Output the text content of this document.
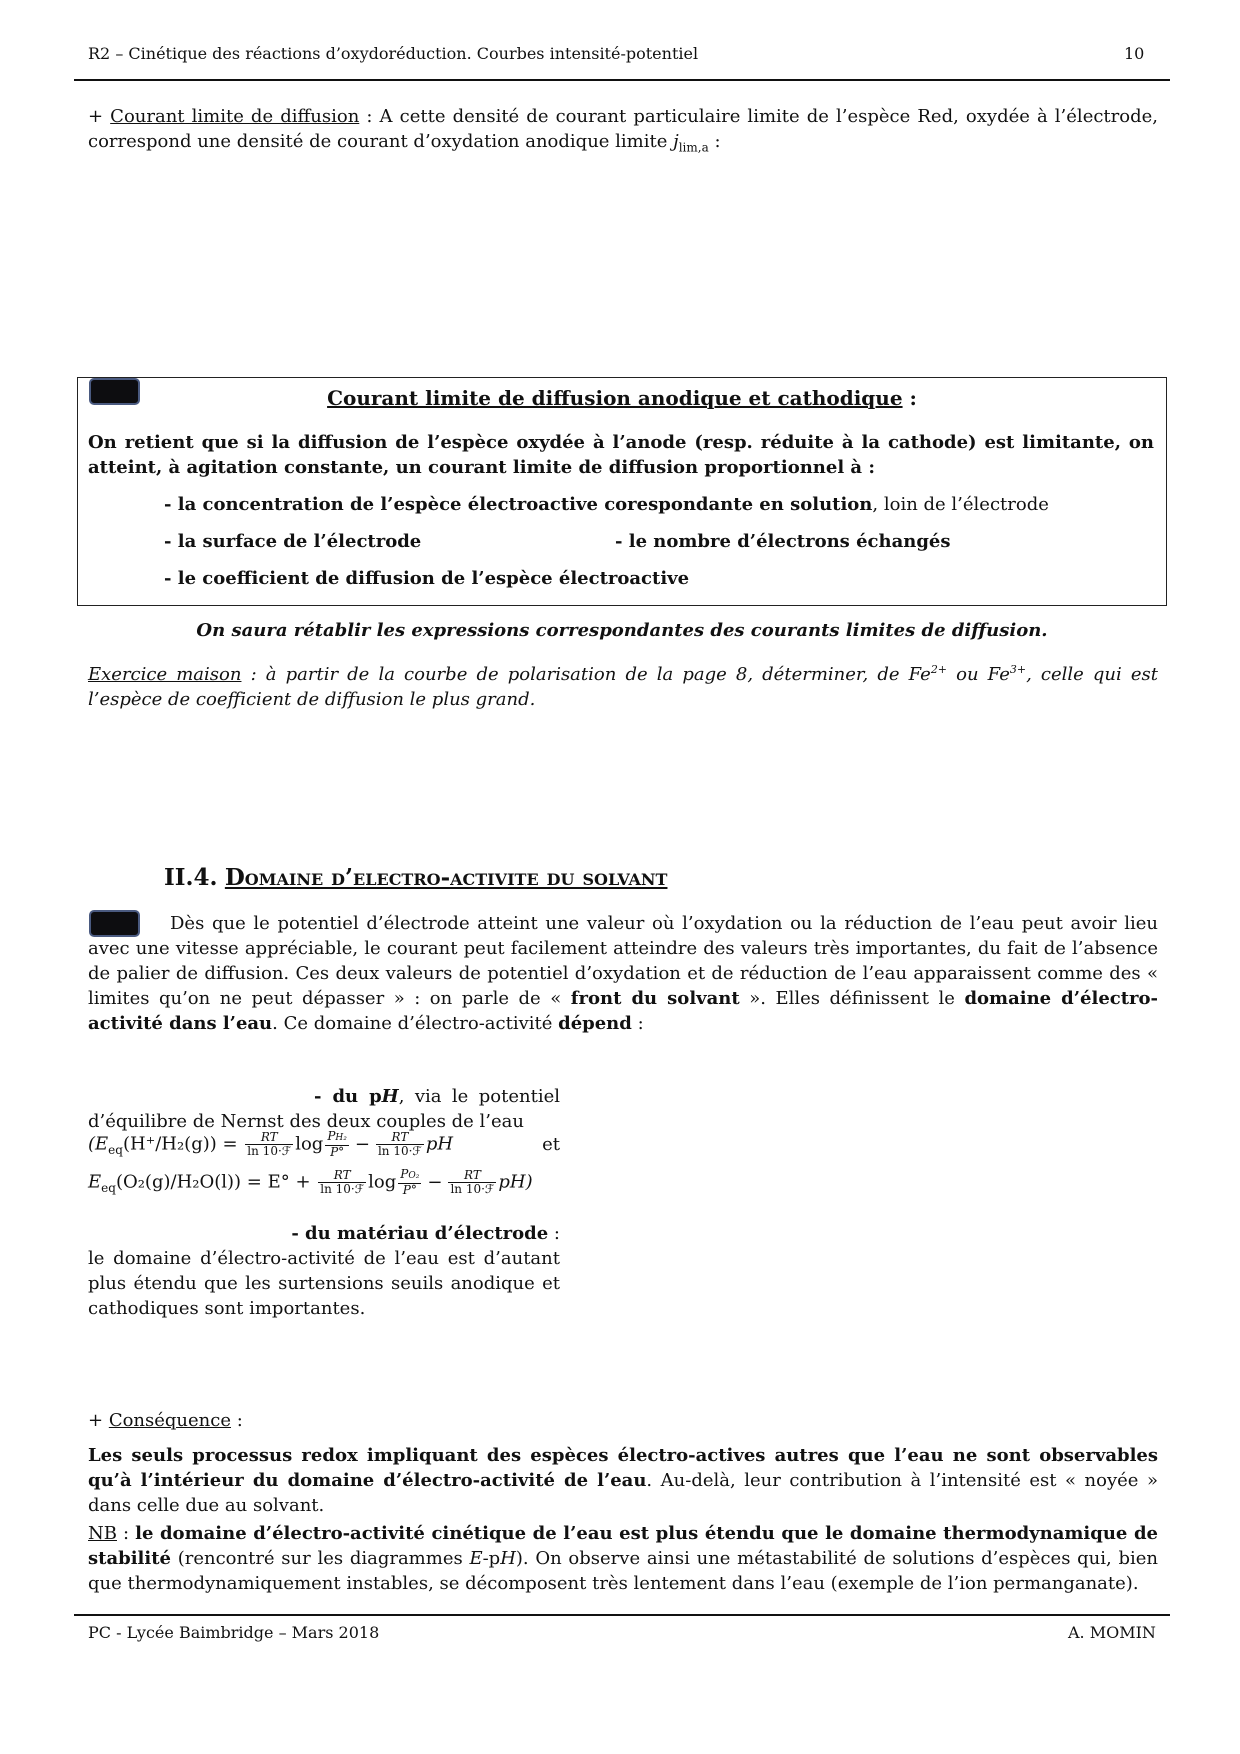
R2 – Cinétique des réactions d’oxydoréduction. Courbes intensité-potentiel	10
+ Courant limite de diffusion : A cette densité de courant particulaire limite de l’espèce Red, oxydée à l’électrode, correspond une densité de courant d’oxydation anodique limite $j_{lim,a}$ :
Courant limite de diffusion anodique et cathodique :
On retient que si la diffusion de l’espèce oxydée à l’anode (resp. réduite à la cathode) est limitante, on atteint, à agitation constante, un courant limite de diffusion proportionnel à :
- la concentration de l’espèce électroactive corespondante en solution, loin de l’électrode
- la surface de l’électrode	- le nombre d’électrons échangés
- le coefficient de diffusion de l’espèce électroactive
On saura rétablir les expressions correspondantes des courants limites de diffusion.
Exercice maison : à partir de la courbe de polarisation de la page 8, déterminer, de $Fe^{2+}$ ou $Fe^{3+}$, celle qui est l’espèce de coefficient de diffusion le plus grand.
II.4. Domaine d’electro-activite du solvant
Dès que le potentiel d’électrode atteint une valeur où l’oxydation ou la réduction de l’eau peut avoir lieu avec une vitesse appréciable, le courant peut facilement atteindre des valeurs très importantes, du fait de l’absence de palier de diffusion. Ces deux valeurs de potentiel d’oxydation et de réduction de l’eau apparaissent comme des « limites qu’on ne peut dépasser » : on parle de « front du solvant ». Elles définissent le domaine d’électro-activité dans l’eau. Ce domaine d’électro-activité dépend :
- du pH, via le potentiel d’équilibre de Nernst des deux couples de l’eau
($E_{eq}(H^+/H_2(g)) = \frac{RT}{\text{ln 10·ℱ}}$ $\log \frac{\text{PH₂}}{P^\circ} - \frac{RT}{\text{ln 10·ℱ}}$ pH	et
$E_{eq}(O_2(g)/H_2O(l)) = E^\circ + \frac{RT}{\text{ln 10·ℱ}}$ $\log \frac{\text{PO₂}}{P^\circ} - \frac{RT}{\text{ln 10·ℱ}} pH$)
- du matériau d’électrode :
le domaine d’électro-activité de l’eau est d’autant plus étendu que les surtensions seuils anodique et cathodiques sont importantes.
+ Conséquence :
Les seuls processus redox impliquant des espèces électro-actives autres que l’eau ne sont observables qu’à l’intérieur du domaine d’électro-activité de l’eau. Au-delà, leur contribution à l’intensité est « noyée » dans celle due au solvant.
NB : le domaine d’électro-activité cinétique de l’eau est plus étendu que le domaine thermodynamique de stabilité (rencontré sur les diagrammes E-pH). On observe ainsi une métastabilité de solutions d’espèces qui, bien que thermodynamiquement instables, se décomposent très lentement dans l’eau (exemple de l’ion permanganate).
PC - Lycée Baimbridge – Mars 2018	A. MOMIN
